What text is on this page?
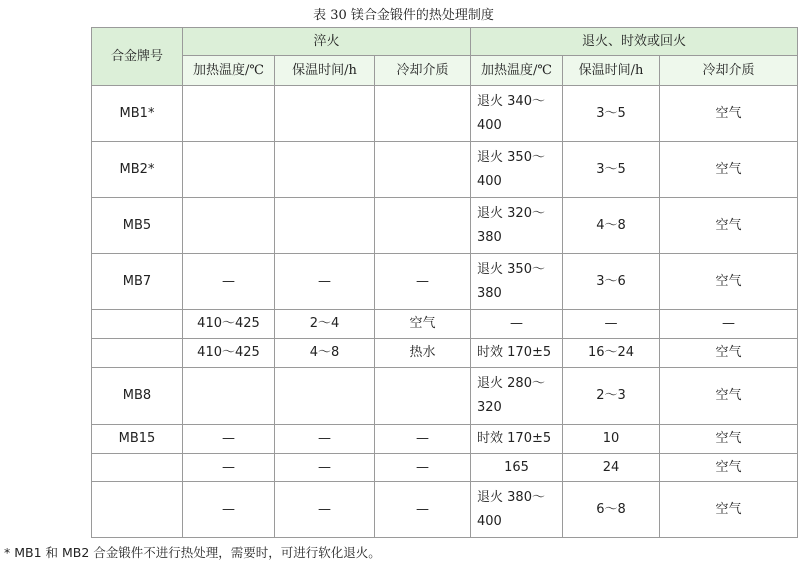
表 30 镁合金锻件的热处理制度
合金牌号	淬火			退火、时效或回火		
	加热温度/℃	保温时间/h	冷却介质	加热温度/℃	保温时间/h	冷却介质
MB1*				退火 340～400	3～5	空气
MB2*				退火 350～400	3～5	空气
MB5				退火 320～380	4～8	空气
MB7	—	—	—	退火 350～380	3～6	空气
	410～425	2～4	空气	—	—	—
	410～425	4～8	热水	时效 170±5	16～24	空气
MB8				退火 280～320	2～3	空气
MB15	—	—	—	时效 170±5	10	空气
	—	—	—	165	24	空气
	—	—	—	退火 380～400	6～8	空气
* MB1 和 MB2 合金锻件不进行热处理，需要时，可进行软化退火。
